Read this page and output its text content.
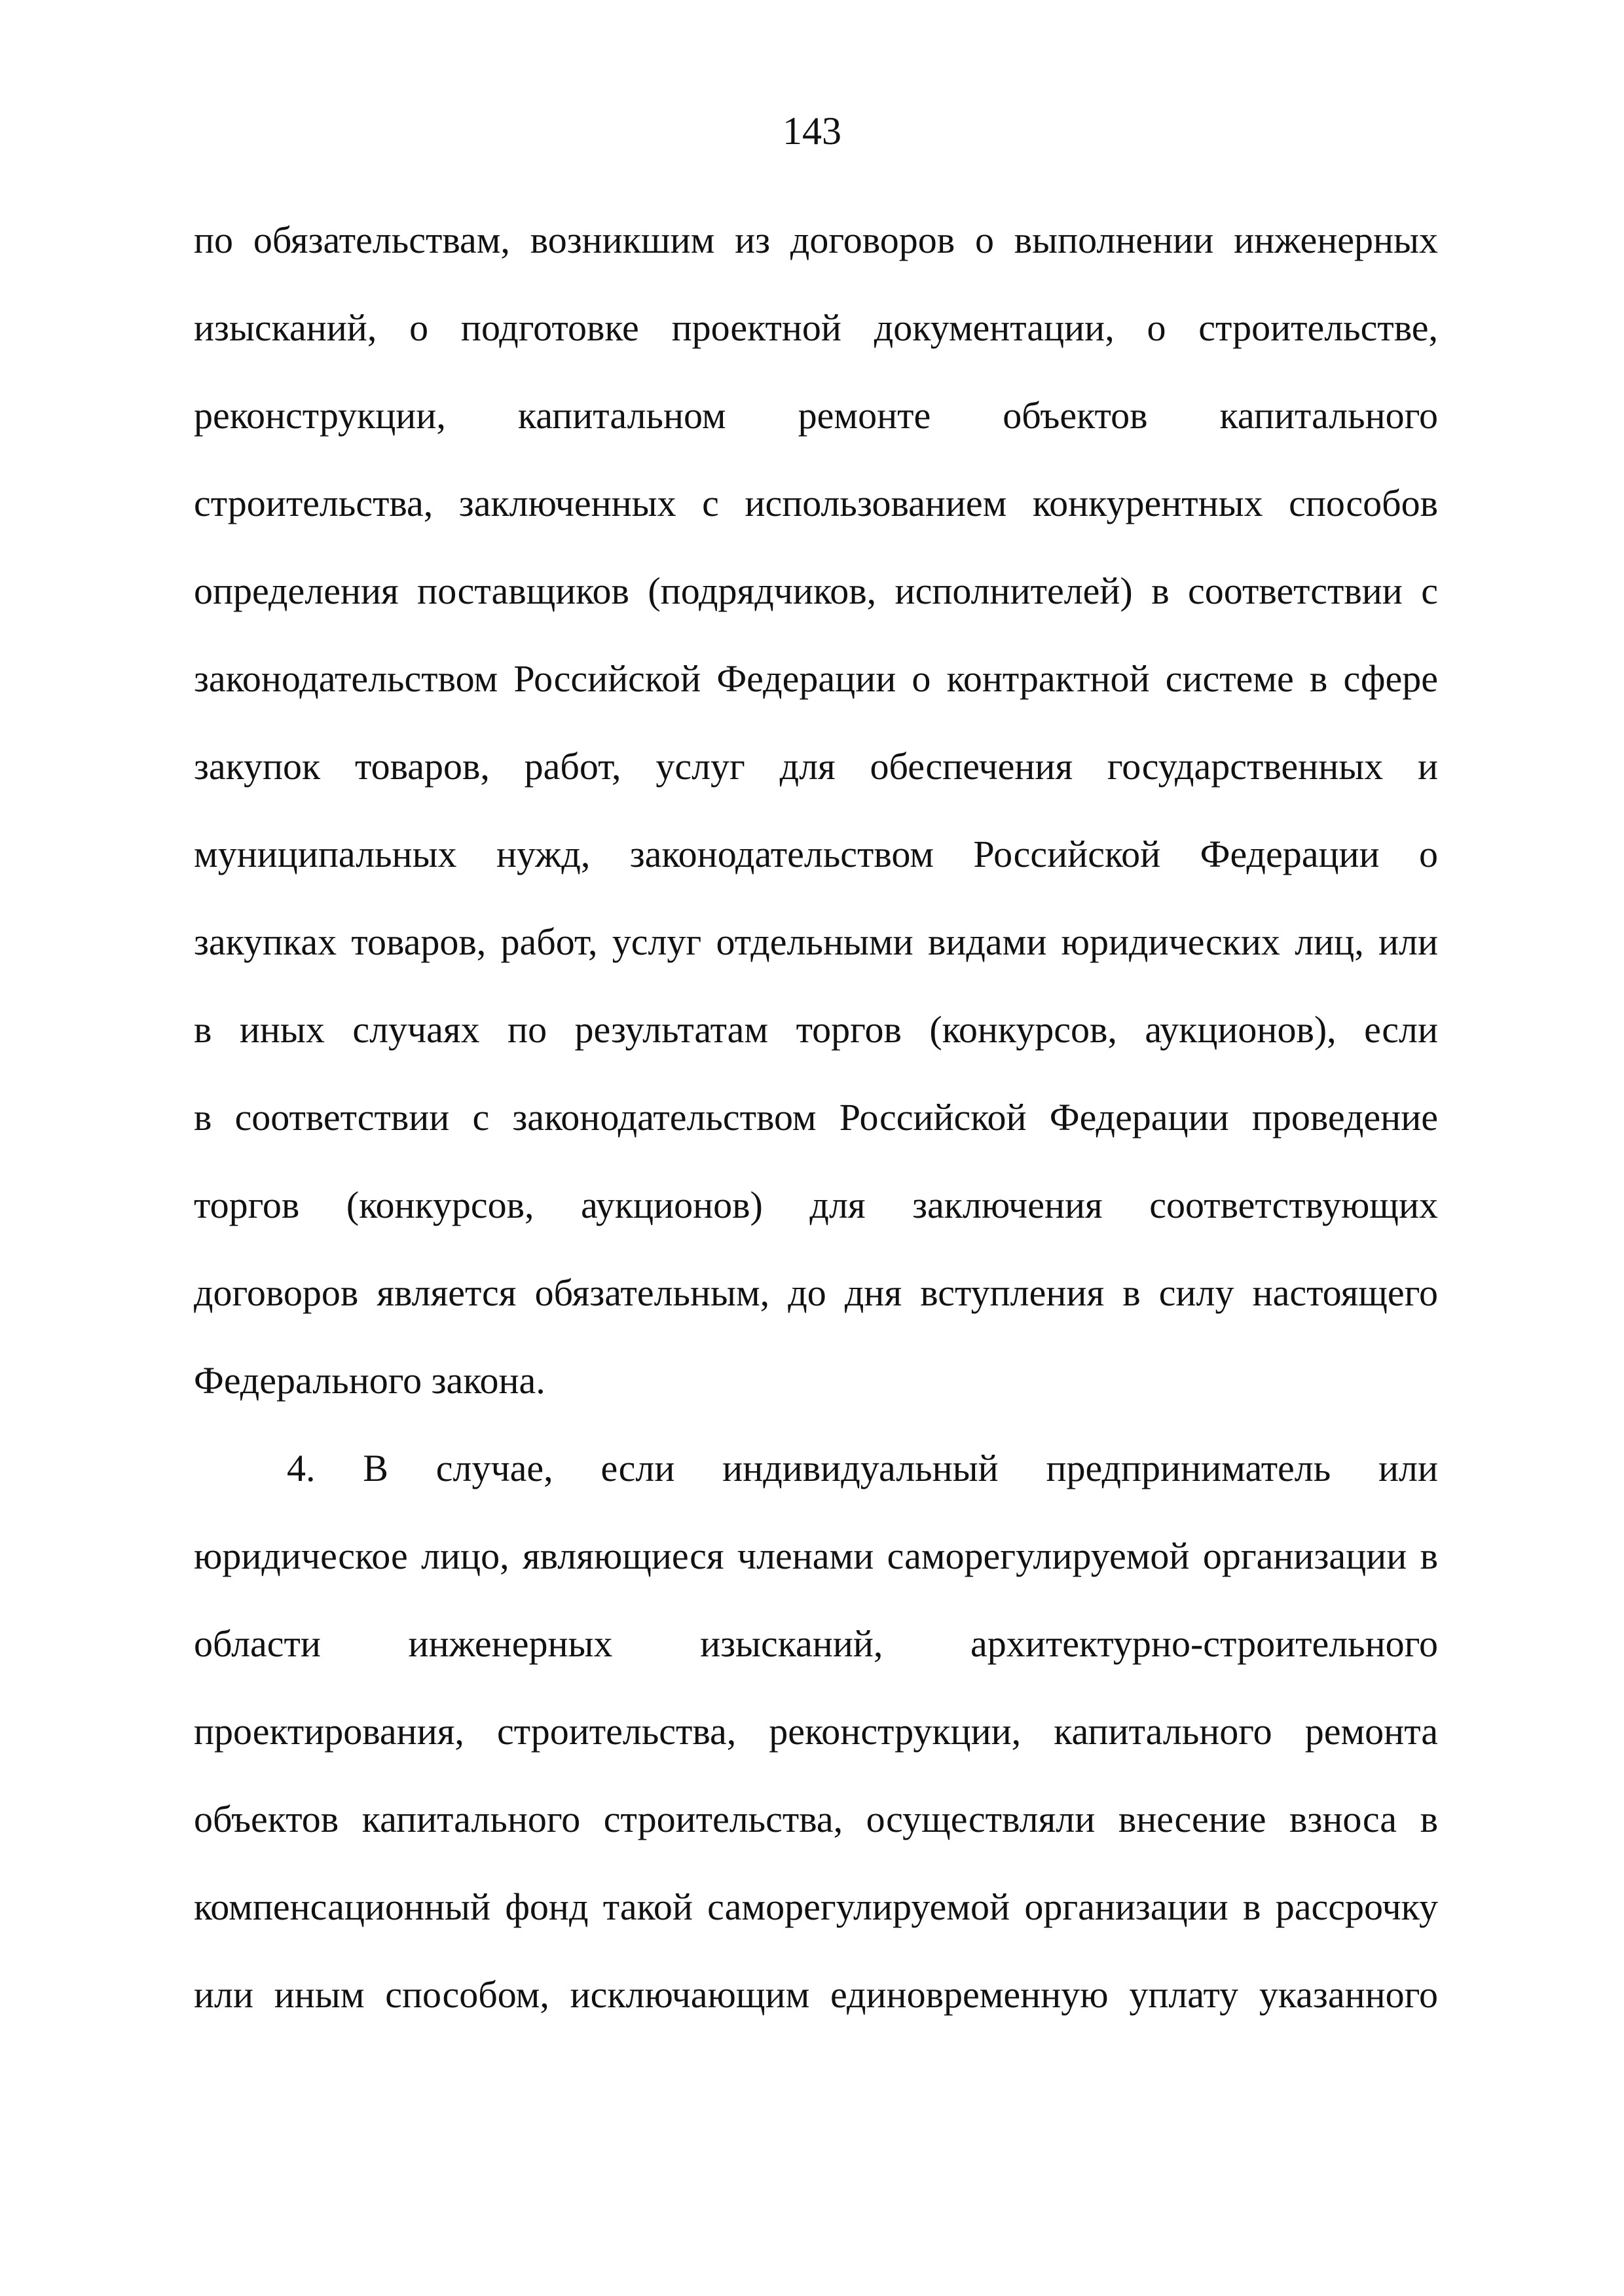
143
по обязательствам, возникшим из договоров о выполнении инженерных
изысканий, о подготовке проектной документации, о строительстве,
реконструкции, капитальном ремонте объектов капитального
строительства, заключенных с использованием конкурентных способов
определения поставщиков (подрядчиков, исполнителей) в соответствии с
законодательством Российской Федерации о контрактной системе в сфере
закупок товаров, работ, услуг для обеспечения государственных и
муниципальных нужд, законодательством Российской Федерации о
закупках товаров, работ, услуг отдельными видами юридических лиц, или
в иных случаях по результатам торгов (конкурсов, аукционов), если
в соответствии с законодательством Российской Федерации проведение
торгов (конкурсов, аукционов) для заключения соответствующих
договоров является обязательным, до дня вступления в силу настоящего
Федерального закона.
4. В случае, если индивидуальный предприниматель или
юридическое лицо, являющиеся членами саморегулируемой организации в
области инженерных изысканий, архитектурно-строительного
проектирования, строительства, реконструкции, капитального ремонта
объектов капитального строительства, осуществляли внесение взноса в
компенсационный фонд такой саморегулируемой организации в рассрочку
или иным способом, исключающим единовременную уплату указанного
